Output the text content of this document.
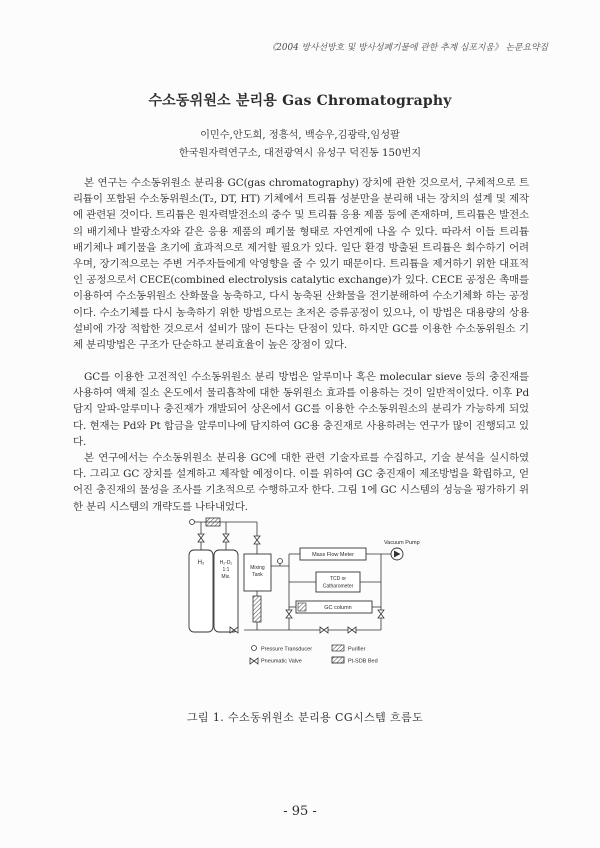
《2004 방사선방호 및 방사성폐기물에 관한 추계 심포지움》 논문요약집
수소동위원소 분리용 Gas Chromatography
이민수,안도희, 정흥석, 백승우,김광락,임성팔
한국원자력연구소, 대전광역시 유성구 덕진동 150번지

본 연구는 수소동위원소 분리용 GC(gas chromatography) 장치에 관한 것으로서, 구체적으로 트리튬이 포함된 수소동위원소(T₂, DT, HT) 기체에서 트리튬 성분만을 분리해 내는 장치의 설계 및 제작에 관련된 것이다. 트리튬은 원자력발전소의 중수 및 트리튬 응용 제품 등에 존재하며, 트리튬은 발전소의 배기체나 발광소자와 같은 응용 제품의 폐기물 형태로 자연계에 나올 수 있다. 따라서 이들 트리튬 배기체나 폐기물을 초기에 효과적으로 제거할 필요가 있다. 일단 환경 방출된 트리튬은 회수하기 어려우며, 장기적으로는 주변 거주자들에게 악영향을 줄 수 있기 때문이다. 트리튬을 제거하기 위한 대표적인 공정으로서 CECE(combined electrolysis catalytic exchange)가 있다. CECE 공정은 촉매를 이용하여 수소동위원소 산화물을 농축하고, 다시 농축된 산화물을 전기분해하여 수소기체화 하는 공정이다. 수소기체를 다시 농축하기 위한 방법으로는 초저온 증류공정이 있으나, 이 방법은 대용량의 상용 설비에 가장 적합한 것으로서 설비가 많이 든다는 단점이 있다. 하지만 GC를 이용한 수소동위원소 기체 분리방법은 구조가 단순하고 분리효율이 높은 장점이 있다.

GC를 이용한 고전적인 수소동위원소 분리 방법은 알루미나 혹은 molecular sieve 등의 충진재를 사용하여 액체 질소 온도에서 물리흡착에 대한 동위원소 효과를 이용하는 것이 일반적이었다. 이후 Pd 담지 알파-알루미나 충진재가 개발되어 상온에서 GC를 이용한 수소동위원소의 분리가 가능하게 되었다. 현재는 Pd와 Pt 합금을 알루미나에 담지하여 GC용 충진재로 사용하려는 연구가 많이 진행되고 있다.

본 연구에서는 수소동위원소 분리용 GC에 대한 관련 기술자료를 수집하고, 기술 분석을 실시하였다. 그리고 GC 장치를 설계하고 제작할 예정이다. 이를 위하여 GC 충진재이 제조방법을 확립하고, 얻어진 충진재의 물성을 조사를 기초적으로 수행하고자 한다. 그림 1에 GC 시스템의 성능을 평가하기 위한 분리 시스템의 개략도를 나타내었다.

H₂	H₂-D₂
1:1
Mix.
Mixing
Tank
Mass Flow Meter
Vacuum Pump
TCD or
Catharometer
GC column
Pressure Transducer	Purifier
Pneumatic Valve	Pt-SDB Bed
그림 1. 수소동위원소 분리용 CG시스템 흐름도
- 95 -
